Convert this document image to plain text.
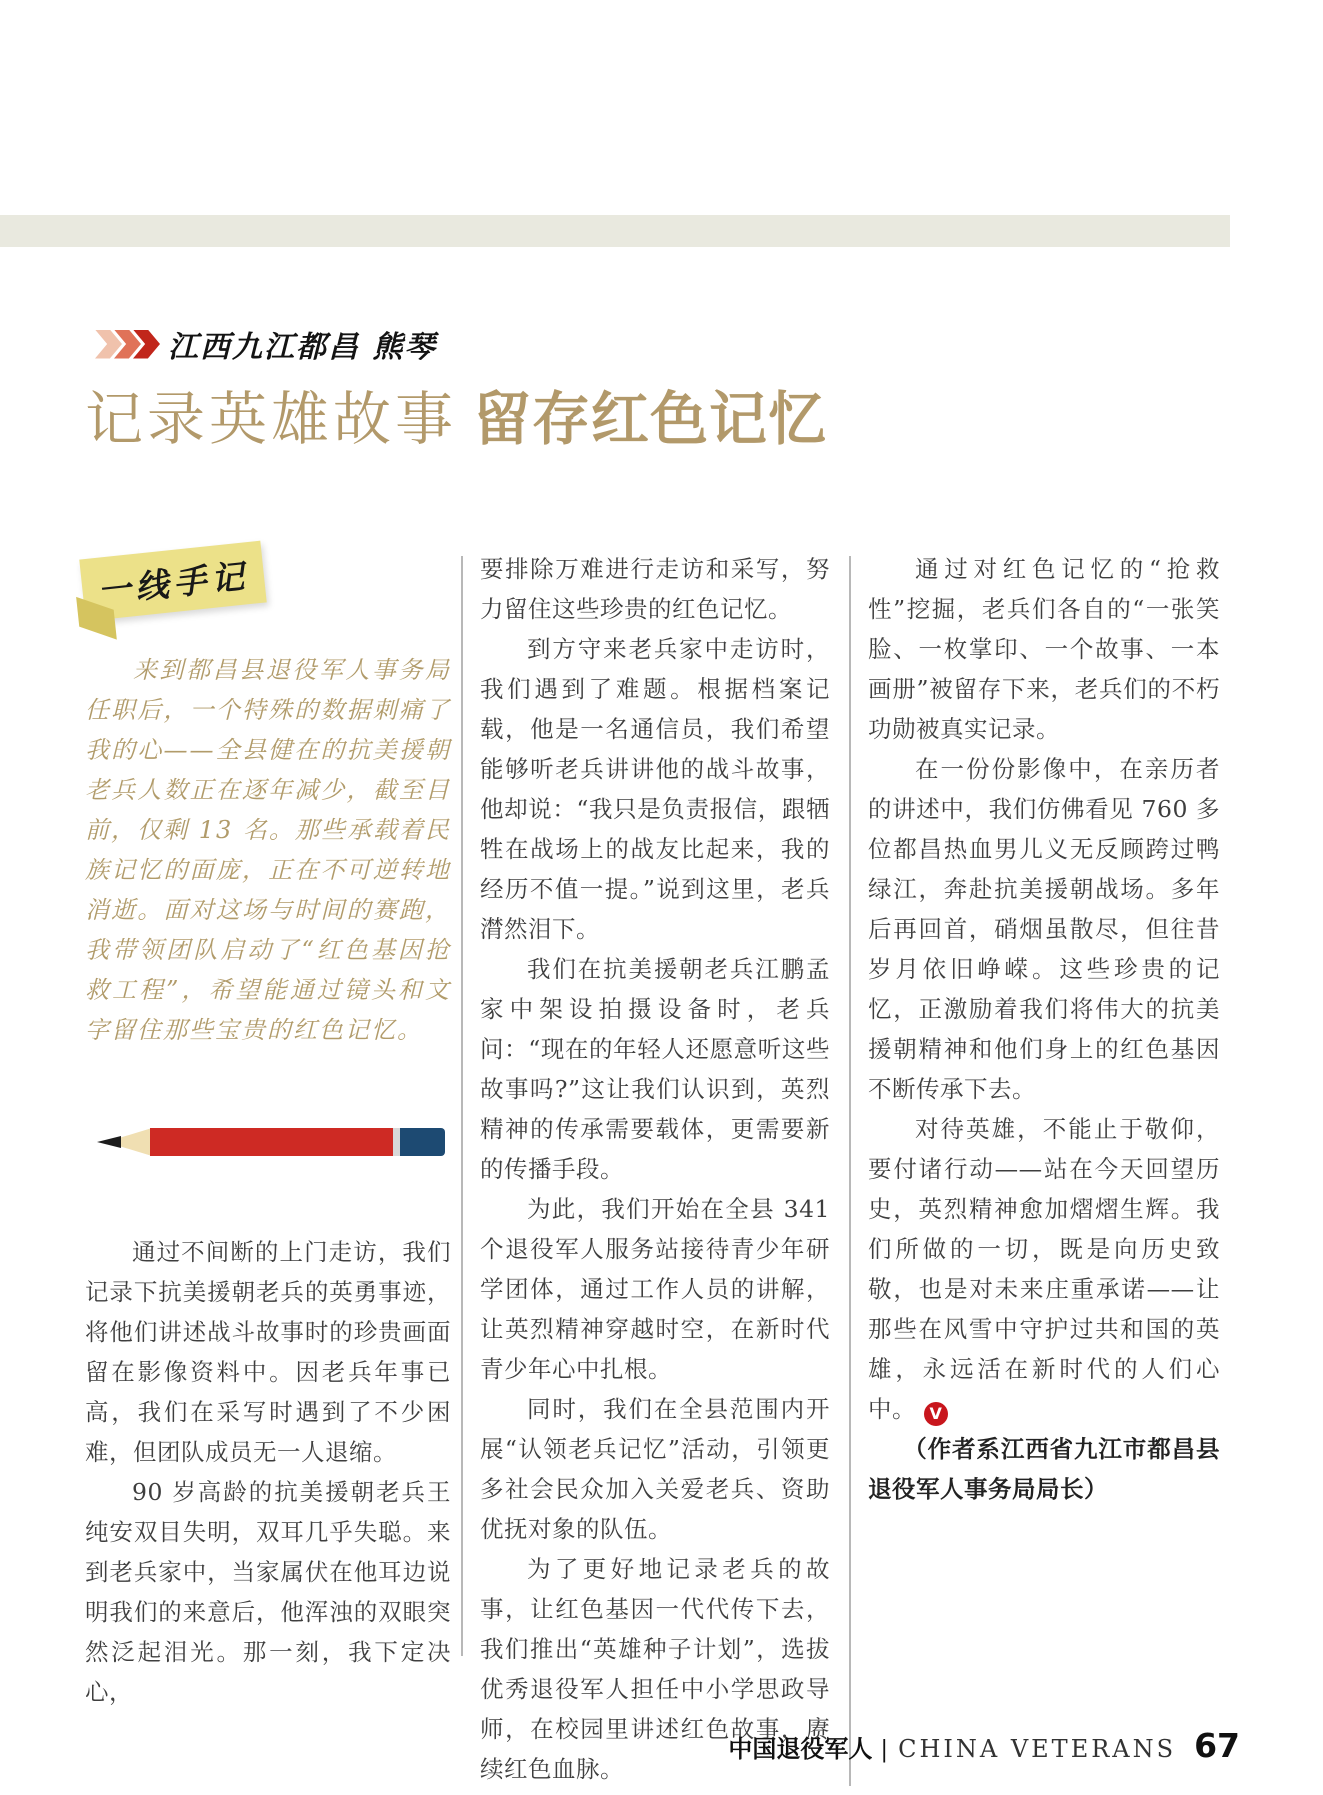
江西九江都昌 熊琴
记录英雄故事 留存红色记忆
一线手记

来到都昌县退役军人事务局任职后，一个特殊的数据刺痛了我的心——全县健在的抗美援朝老兵人数正在逐年减少，截至目前，仅剩 13 名。那些承载着民族记忆的面庞，正在不可逆转地消逝。面对这场与时间的赛跑，我带领团队启动了“红色基因抢救工程”，希望能通过镜头和文字留住那些宝贵的红色记忆。

通过不间断的上门走访，我们记录下抗美援朝老兵的英勇事迹，将他们讲述战斗故事时的珍贵画面留在影像资料中。因老兵年事已高，我们在采写时遇到了不少困难，但团队成员无一人退缩。

90 岁高龄的抗美援朝老兵王纯安双目失明，双耳几乎失聪。来到老兵家中，当家属伏在他耳边说明我们的来意后，他浑浊的双眼突然泛起泪光。那一刻，我下定决心，

要排除万难进行走访和采写，努力留住这些珍贵的红色记忆。

到方守来老兵家中走访时，我们遇到了难题。根据档案记载，他是一名通信员，我们希望能够听老兵讲讲他的战斗故事，他却说：“我只是负责报信，跟牺牲在战场上的战友比起来，我的经历不值一提。”说到这里，老兵潸然泪下。

我们在抗美援朝老兵江鹏孟家中架设拍摄设备时，老兵问：“现在的年轻人还愿意听这些故事吗?”这让我们认识到，英烈精神的传承需要载体，更需要新的传播手段。

为此，我们开始在全县 341 个退役军人服务站接待青少年研学团体，通过工作人员的讲解，让英烈精神穿越时空，在新时代青少年心中扎根。

同时，我们在全县范围内开展“认领老兵记忆”活动，引领更多社会民众加入关爱老兵、资助优抚对象的队伍。

为了更好地记录老兵的故事，让红色基因一代代传下去，我们推出“英雄种子计划”，选拔优秀退役军人担任中小学思政导师，在校园里讲述红色故事，赓续红色血脉。

通过对红色记忆的“抢救性”挖掘，老兵们各自的“一张笑脸、一枚掌印、一个故事、一本画册”被留存下来，老兵们的不朽功勋被真实记录。

在一份份影像中，在亲历者的讲述中，我们仿佛看见 760 多位都昌热血男儿义无反顾跨过鸭绿江，奔赴抗美援朝战场。多年后再回首，硝烟虽散尽，但往昔岁月依旧峥嵘。这些珍贵的记忆，正激励着我们将伟大的抗美援朝精神和他们身上的红色基因不断传承下去。

对待英雄，不能止于敬仰，要付诸行动——站在今天回望历史，英烈精神愈加熠熠生辉。我们所做的一切，既是向历史致敬，也是对未来庄重承诺——让那些在风雪中守护过共和国的英雄，永远活在新时代的人们心中。 V

（作者系江西省九江市都昌县退役军人事务局局长）

中国退役军人 | CHINA VETERANS 67
